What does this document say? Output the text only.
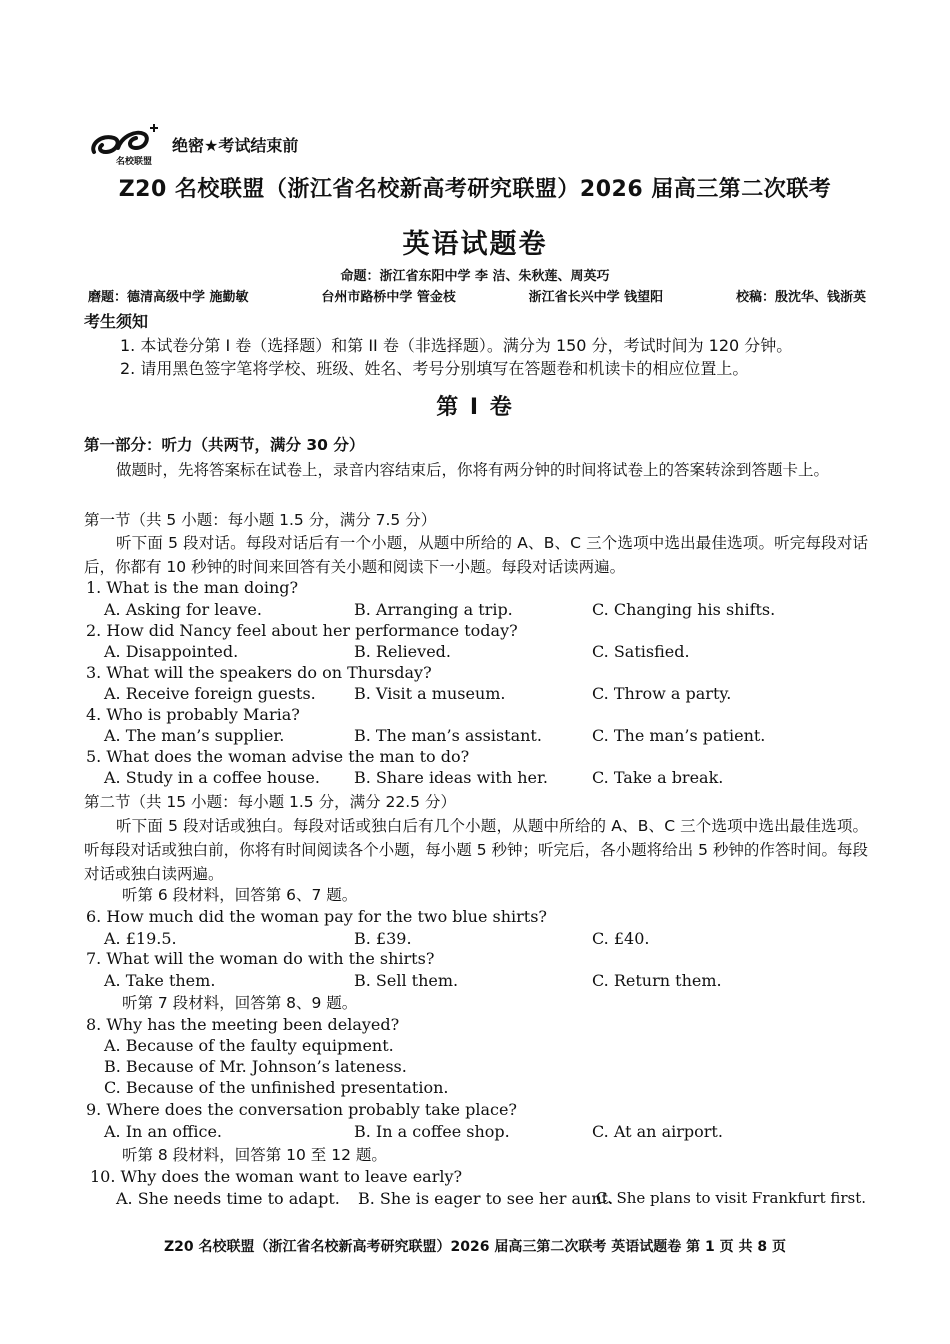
名校联盟
绝密★考试结束前
Z20 名校联盟（浙江省名校新高考研究联盟）2026 届高三第二次联考
英语试题卷
命题：浙江省东阳中学 李 洁、朱秋莲、周英巧
磨题：德清高级中学 施勤敏	台州市路桥中学 管金枝	浙江省长兴中学 钱望阳	校稿：殷沈华、钱浙英
考生须知
1. 本试卷分第 I 卷（选择题）和第 II 卷（非选择题）。满分为 150 分，考试时间为 120 分钟。
2. 请用黑色签字笔将学校、班级、姓名、考号分别填写在答题卷和机读卡的相应位置上。
第 I 卷
第一部分：听力（共两节，满分 30 分）
做题时，先将答案标在试卷上，录音内容结束后，你将有两分钟的时间将试卷上的答案转涂到答题卡上。
第一节（共 5 小题：每小题 1.5 分，满分 7.5 分）
听下面 5 段对话。每段对话后有一个小题，从题中所给的 A、B、C 三个选项中选出最佳选项。听完每段对话后，你都有 10 秒钟的时间来回答有关小题和阅读下一小题。每段对话读两遍。
1. What is the man doing?
A. Asking for leave.	B. Arranging a trip.	C. Changing his shifts.
2. How did Nancy feel about her performance today?
A. Disappointed.	B. Relieved.	C. Satisfied.
3. What will the speakers do on Thursday?
A. Receive foreign guests. B. Visit a museum.	C. Throw a party.
4. Who is probably Maria?
A. The man’s supplier.	B. The man’s assistant.	C. The man’s patient.
5. What does the woman advise the man to do?
A. Study in a coffee house. B. Share ideas with her.	C. Take a break.
第二节（共 15 小题：每小题 1.5 分，满分 22.5 分）
听下面 5 段对话或独白。每段对话或独白后有几个小题，从题中所给的 A、B、C 三个选项中选出最佳选项。听每段对话或独白前，你将有时间阅读各个小题，每小题 5 秒钟；听完后，各小题将给出 5 秒钟的作答时间。每段对话或独白读两遍。
听第 6 段材料，回答第 6、7 题。
6. How much did the woman pay for the two blue shirts?
A. £19.5.	B. £39.	C. £40.
7. What will the woman do with the shirts?
A. Take them.	B. Sell them.	C. Return them.
听第 7 段材料，回答第 8、9 题。
8. Why has the meeting been delayed?
A. Because of the faulty equipment.
B. Because of Mr. Johnson’s lateness.
C. Because of the unfinished presentation.
9. Where does the conversation probably take place?
A. In an office.	B. In a coffee shop.	C. At an airport.
听第 8 段材料，回答第 10 至 12 题。
10. Why does the woman want to leave early?
A. She needs time to adapt. B. She is eager to see her aunt.
C. She plans to visit Frankfurt first.
Z20 名校联盟（浙江省名校新高考研究联盟）2026 届高三第二次联考 英语试题卷 第 1 页 共 8 页
